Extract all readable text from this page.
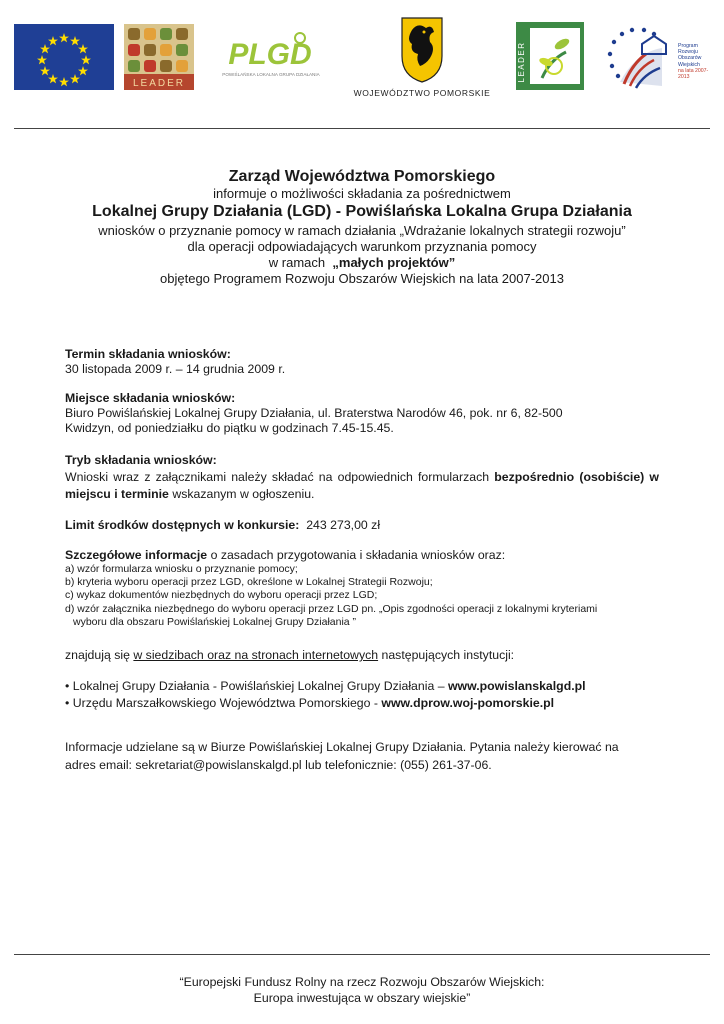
LEADER
PLGD
POWIŚLAŃSKA LOKALNA GRUPA DZIAŁANIA
WOJEWÓDZTWO POMORSKIE
LEADER	Program
Rozwoju
Obszarów
Wiejskich
na lata 2007-2013
Zarząd Województwa Pomorskiego
informuje o możliwości składania za pośrednictwem
Lokalnej Grupy Działania (LGD) - Powiślańska Lokalna Grupa Działania
wniosków o przyznanie pomocy w ramach działania „Wdrażanie lokalnych strategii rozwoju”
dla operacji odpowiadających warunkom przyznania pomocy
w ramach „małych projektów”
objętego Programem Rozwoju Obszarów Wiejskich na lata 2007-2013
Termin składania wniosków:
30 listopada 2009 r. – 14 grudnia 2009 r.
Miejsce składania wniosków:
Biuro Powiślańskiej Lokalnej Grupy Działania, ul. Braterstwa Narodów 46, pok. nr 6, 82-500
Kwidzyn, od poniedziałku do piątku w godzinach 7.45-15.45.
Tryb składania wniosków:
Wnioski wraz z załącznikami należy składać na odpowiednich formularzach bezpośrednio (osobiście) w miejscu i terminie wskazanym w ogłoszeniu.
Limit środków dostępnych w konkursie: 243 273,00 zł
Szczegółowe informacje o zasadach przygotowania i składania wniosków oraz:
a) wzór formularza wniosku o przyznanie pomocy;
b) kryteria wyboru operacji przez LGD, określone w Lokalnej Strategii Rozwoju;
c) wykaz dokumentów niezbędnych do wyboru operacji przez LGD;
d) wzór załącznika niezbędnego do wyboru operacji przez LGD pn. „Opis zgodności operacji z lokalnymi kryteriami
wyboru dla obszaru Powiślańskiej Lokalnej Grupy Działania ”
znajdują się w siedzibach oraz na stronach internetowych następujących instytucji:
• Lokalnej Grupy Działania - Powiślańskiej Lokalnej Grupy Działania – www.powislanskalgd.pl
• Urzędu Marszałkowskiego Województwa Pomorskiego - www.dprow.woj-pomorskie.pl
Informacje udzielane są w Biurze Powiślańskiej Lokalnej Grupy Działania. Pytania należy kierować na
adres email: sekretariat@powislanskalgd.pl lub telefonicznie: (055) 261-37-06.
“Europejski Fundusz Rolny na rzecz Rozwoju Obszarów Wiejskich:
Europa inwestująca w obszary wiejskie”
